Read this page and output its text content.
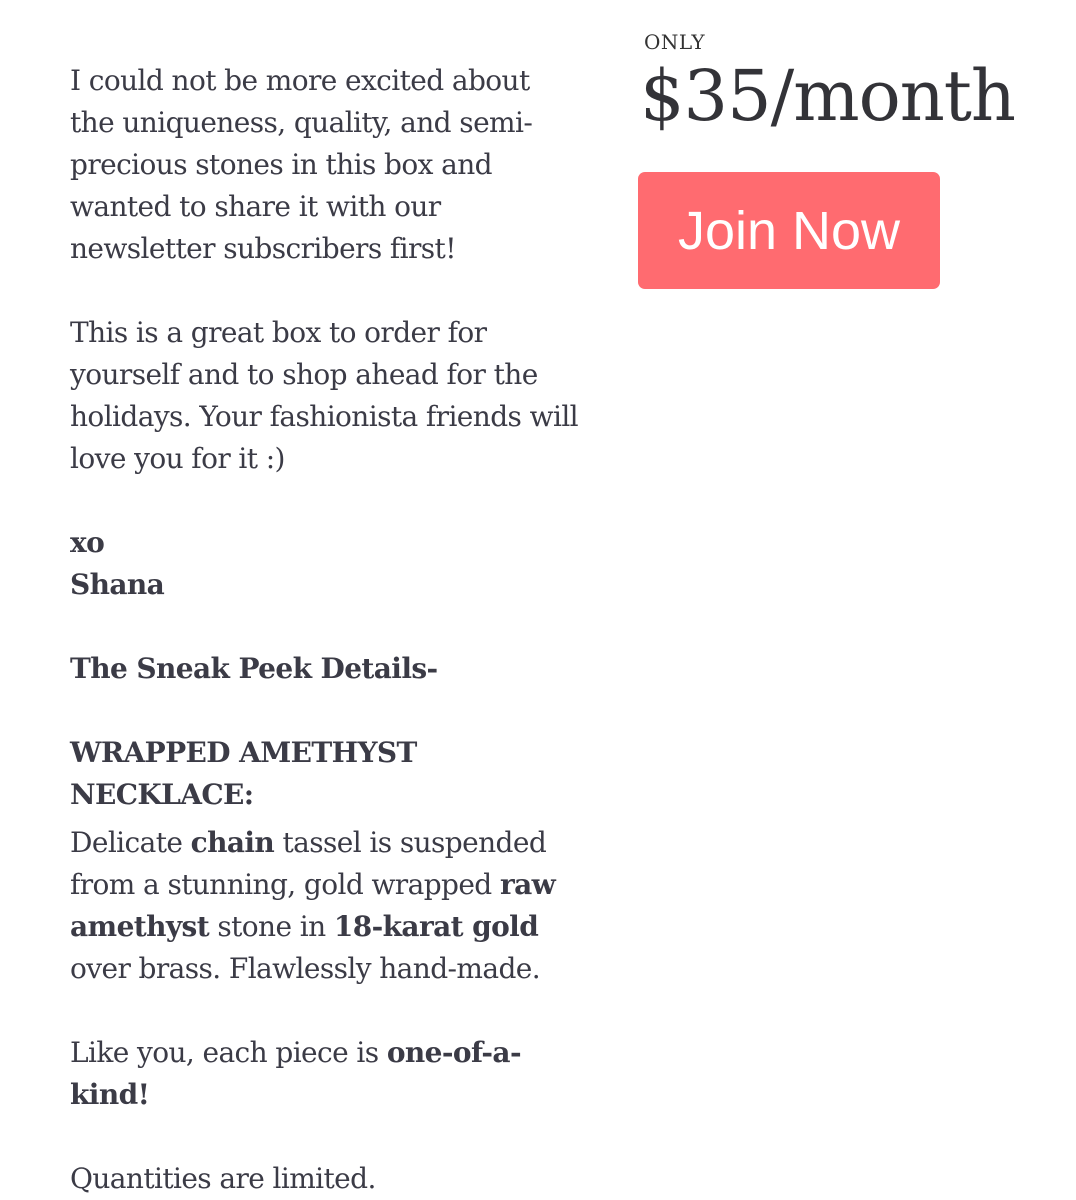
I could not be more excited about the uniqueness, quality, and semi-precious stones in this box and wanted to share it with our newsletter subscribers first!

This is a great box to order for yourself and to shop ahead for the holidays. Your fashionista friends will love you for it :)

xo

Shana

The Sneak Peek Details-

WRAPPED AMETHYST NECKLACE:

Delicate chain tassel is suspended from a stunning, gold wrapped raw amethyst stone in 18-karat gold over brass. Flawlessly hand-made.

Like you, each piece is one-of-a-kind!

Quantities are limited.

ONLY

$35/month

Join Now
